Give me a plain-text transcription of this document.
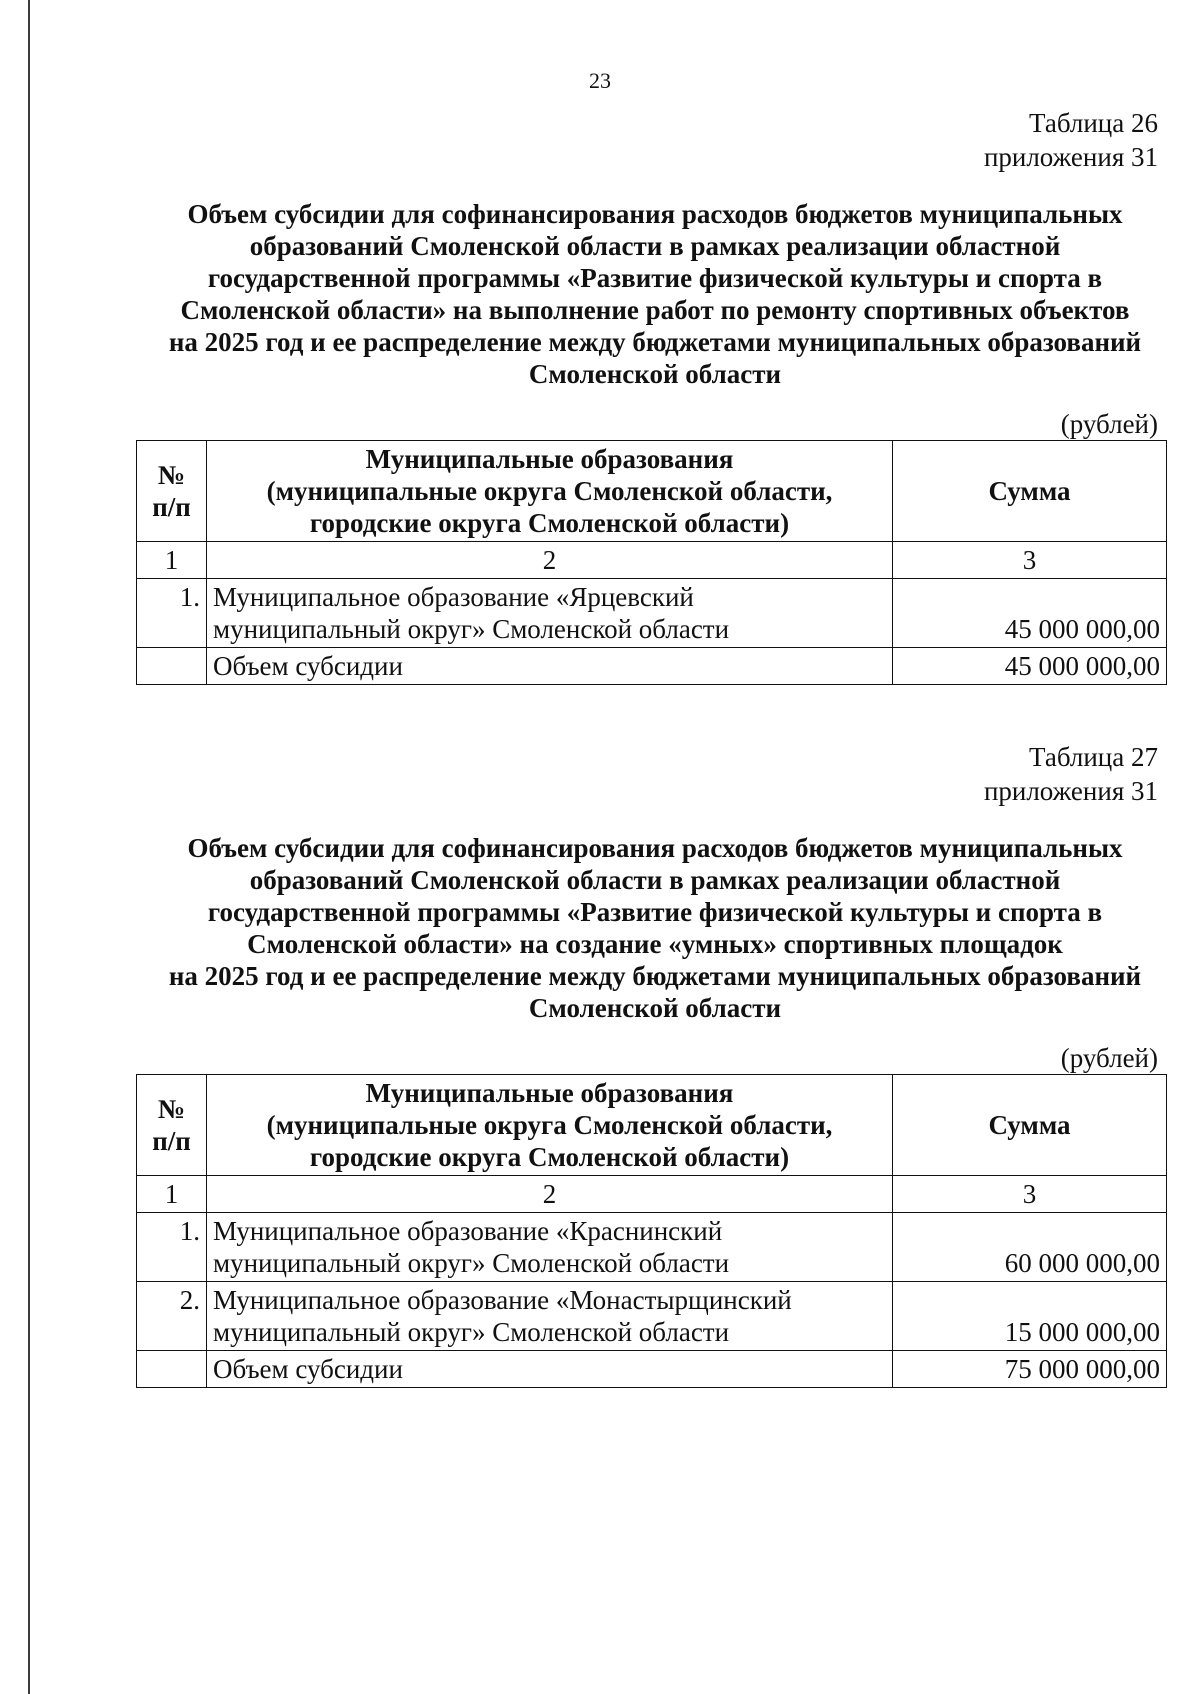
23
Таблица 26
приложения 31
Объем субсидии для софинансирования расходов бюджетов муниципальных
образований Смоленской области в рамках реализации областной
государственной программы «Развитие физической культуры и спорта в
Смоленской области» на выполнение работ по ремонту спортивных объектов
на 2025 год и ее распределение между бюджетами муниципальных образований
Смоленской области
(рублей)
№
п/п	Муниципальные образования
(муниципальные округа Смоленской области,
городские округа Смоленской области)	Сумма
1	2	3
1.	Муниципальное образование «Ярцевский
муниципальный округ» Смоленской области	45 000 000,00
	Объем субсидии	45 000 000,00
Таблица 27
приложения 31
Объем субсидии для софинансирования расходов бюджетов муниципальных
образований Смоленской области в рамках реализации областной
государственной программы «Развитие физической культуры и спорта в
Смоленской области» на создание «умных» спортивных площадок
на 2025 год и ее распределение между бюджетами муниципальных образований
Смоленской области
(рублей)
№
п/п	Муниципальные образования
(муниципальные округа Смоленской области,
городские округа Смоленской области)	Сумма
1	2	3
1.	Муниципальное образование «Краснинский
муниципальный округ» Смоленской области	60 000 000,00
2.	Муниципальное образование «Монастырщинский
муниципальный округ» Смоленской области	15 000 000,00
	Объем субсидии	75 000 000,00
